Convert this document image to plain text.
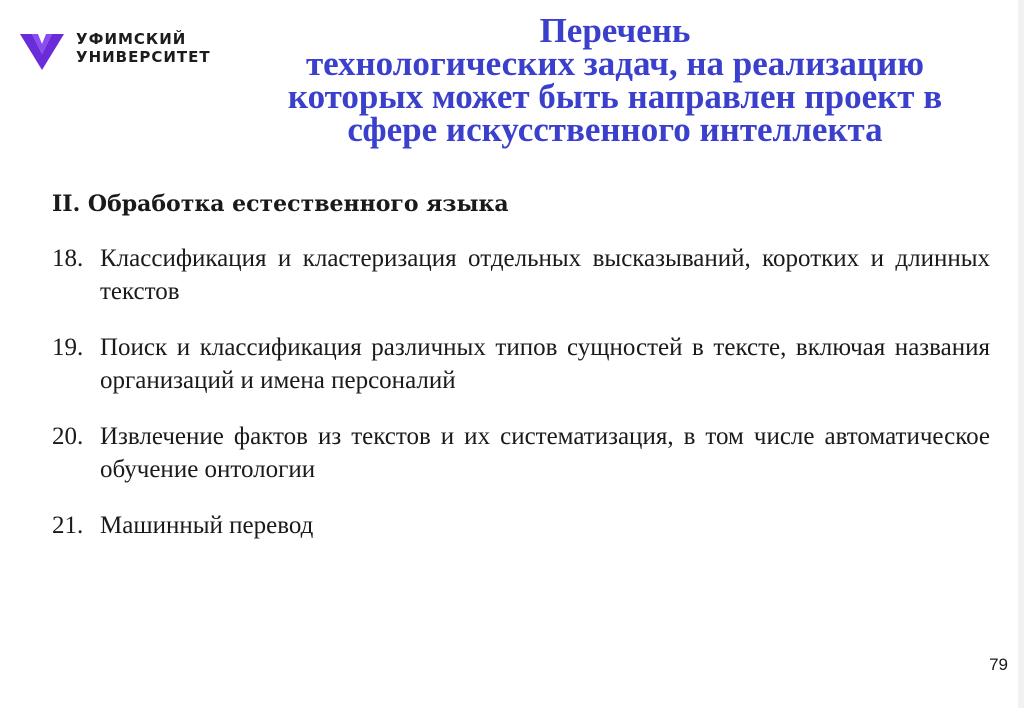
УФИМСКИЙ
УНИВЕРСИТЕТ
Перечень
технологических задач, на реализацию
которых может быть направлен проект в
сфере искусственного интеллекта
II. Обработка естественного языка
18. Классификация и кластеризация отдельных высказываний, коротких и длинных текстов
19. Поиск и классификация различных типов сущностей в тексте, включая названия организаций и имена персоналий
20. Извлечение фактов из текстов и их систематизация, в том числе автоматическое обучение онтологии
21. Машинный перевод
79
